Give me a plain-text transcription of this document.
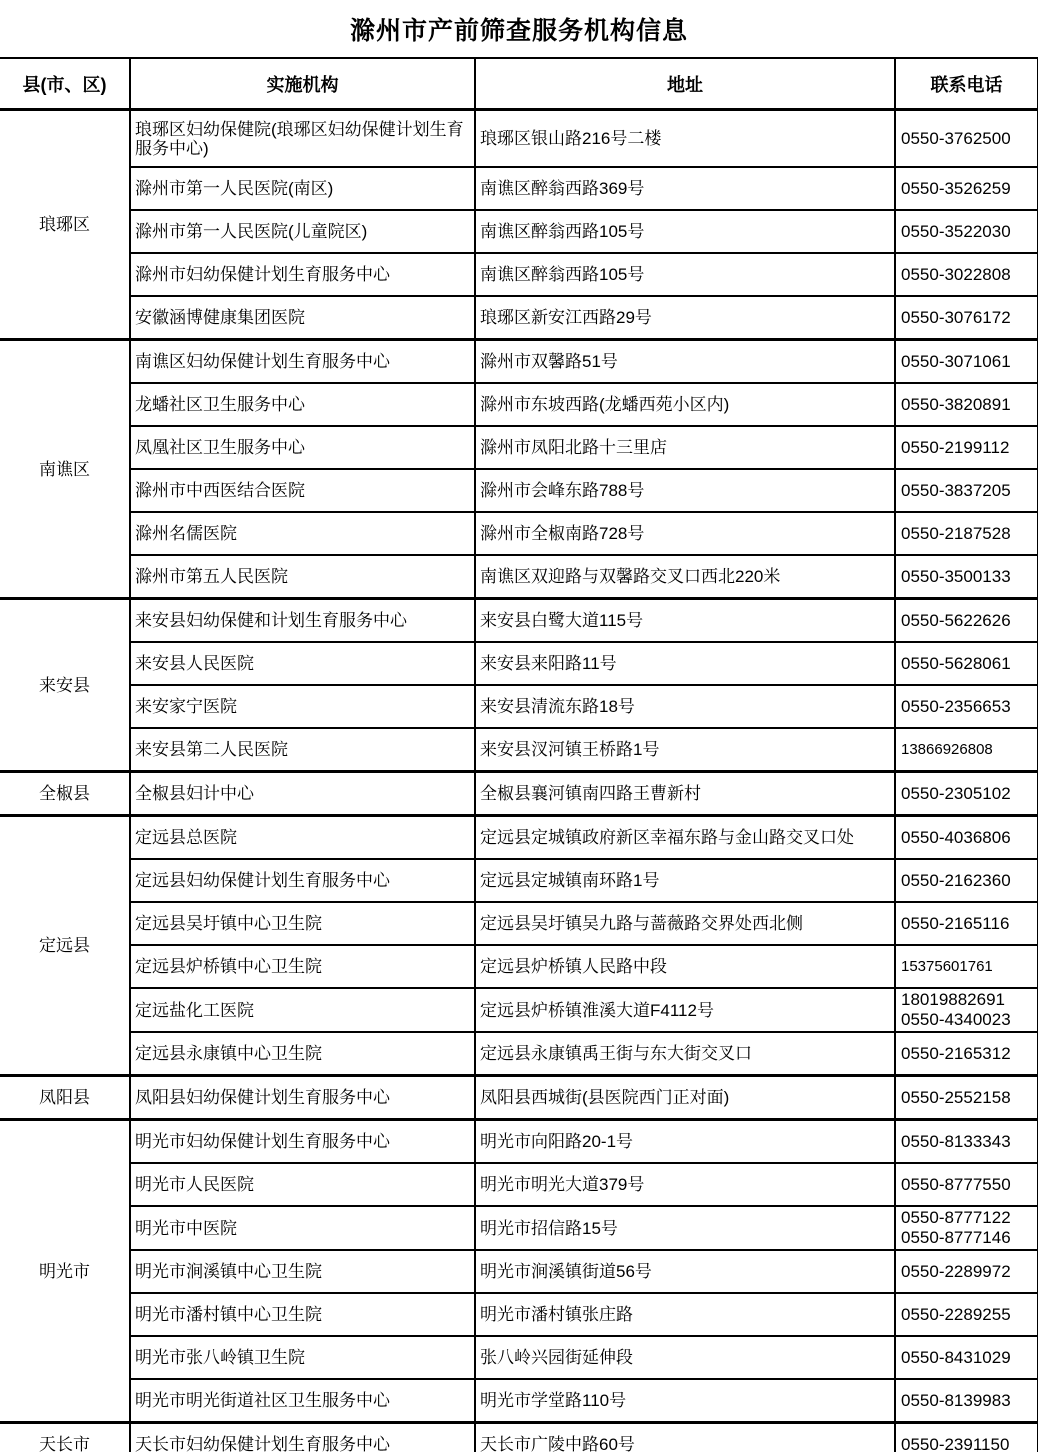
滁州市产前筛查服务机构信息
县(市、区)	实施机构	地址	联系电话
琅琊区	琅琊区妇幼保健院(琅琊区妇幼保健计划生育服务中心)	琅琊区银山路216号二楼	0550-3762500

	滁州市第一人民医院(南区)	南谯区醉翁西路369号	0550-3526259

	滁州市第一人民医院(儿童院区)	南谯区醉翁西路105号	0550-3522030

	滁州市妇幼保健计划生育服务中心	南谯区醉翁西路105号	0550-3022808

	安徽涵博健康集团医院	琅琊区新安江西路29号	0550-3076172

南谯区	南谯区妇幼保健计划生育服务中心	滁州市双馨路51号	0550-3071061

	龙蟠社区卫生服务中心	滁州市东坡西路(龙蟠西苑小区内)	0550-3820891

	凤凰社区卫生服务中心	滁州市凤阳北路十三里店	0550-2199112

	滁州市中西医结合医院	滁州市会峰东路788号	0550-3837205

	滁州名儒医院	滁州市全椒南路728号	0550-2187528

	滁州市第五人民医院	南谯区双迎路与双馨路交叉口西北220米	0550-3500133

来安县	来安县妇幼保健和计划生育服务中心	来安县白鹭大道115号	0550-5622626

	来安县人民医院	来安县来阳路11号	0550-5628061

	来安家宁医院	来安县清流东路18号	0550-2356653

	来安县第二人民医院	来安县汊河镇王桥路1号	13866926808

全椒县	全椒县妇计中心	全椒县襄河镇南四路王曹新村	0550-2305102

定远县	定远县总医院	定远县定城镇政府新区幸福东路与金山路交叉口处	0550-4036806

	定远县妇幼保健计划生育服务中心	定远县定城镇南环路1号	0550-2162360

	定远县吴圩镇中心卫生院	定远县吴圩镇吴九路与蔷薇路交界处西北侧	0550-2165116

	定远县炉桥镇中心卫生院	定远县炉桥镇人民路中段	15375601761

	定远盐化工医院	定远县炉桥镇淮溪大道F4112号	18019882691
0550-4340023

	定远县永康镇中心卫生院	定远县永康镇禹王街与东大街交叉口	0550-2165312

凤阳县	凤阳县妇幼保健计划生育服务中心	凤阳县西城街(县医院西门正对面)	0550-2552158

明光市	明光市妇幼保健计划生育服务中心	明光市向阳路20-1号	0550-8133343

	明光市人民医院	明光市明光大道379号	0550-8777550

	明光市中医院	明光市招信路15号	0550-8777122
0550-8777146

	明光市涧溪镇中心卫生院	明光市涧溪镇街道56号	0550-2289972

	明光市潘村镇中心卫生院	明光市潘村镇张庄路	0550-2289255

	明光市张八岭镇卫生院	张八岭兴园街延伸段	0550-8431029

	明光市明光街道社区卫生服务中心	明光市学堂路110号	0550-8139983

天长市	天长市妇幼保健计划生育服务中心	天长市广陵中路60号	0550-2391150
